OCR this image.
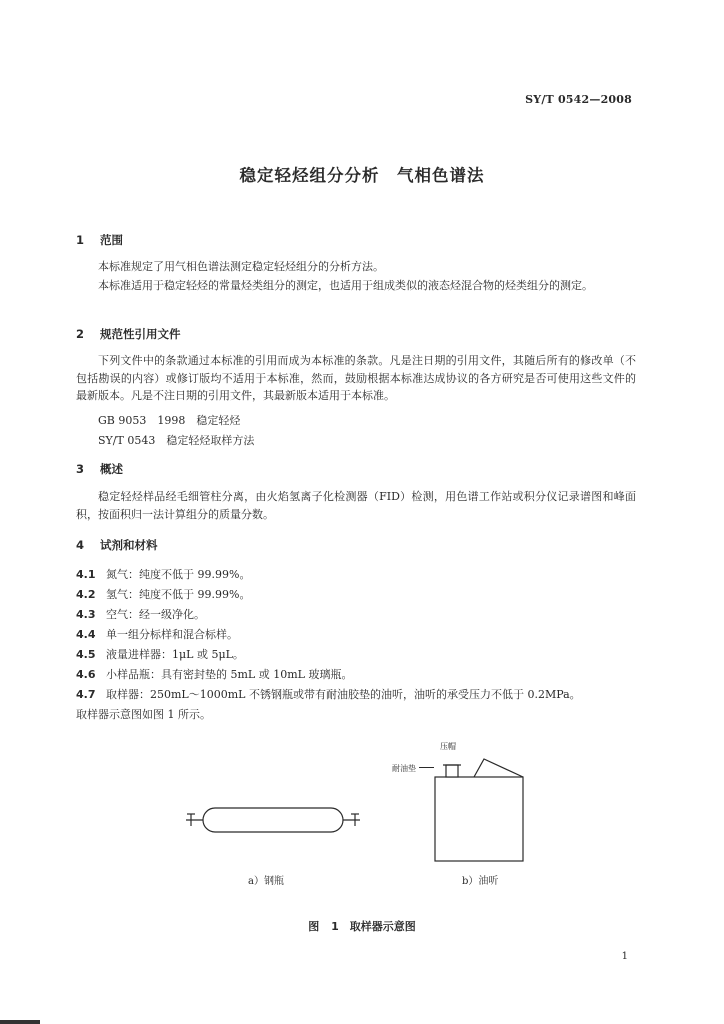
SY/T 0542—2008
稳定轻烃组分分析　气相色谱法
1 范围
本标准规定了用气相色谱法测定稳定轻烃组分的分析方法。
本标准适用于稳定轻烃的常量烃类组分的测定，也适用于组成类似的液态烃混合物的烃类组分的测定。
2 规范性引用文件
下列文件中的条款通过本标准的引用而成为本标准的条款。凡是注日期的引用文件，其随后所有的修改单（不包括勘误的内容）或修订版均不适用于本标准，然而，鼓励根据本标准达成协议的各方研究是否可使用这些文件的最新版本。凡是不注日期的引用文件，其最新版本适用于本标准。
GB 9053　1998　稳定轻烃
SY/T 0543　稳定轻烃取样方法
3 概述
稳定轻烃样品经毛细管柱分离，由火焰氢离子化检测器（FID）检测，用色谱工作站或积分仪记录谱图和峰面积，按面积归一法计算组分的质量分数。
4 试剂和材料
4.1 氮气：纯度不低于 99.99%。
4.2 氢气：纯度不低于 99.99%。
4.3 空气：经一级净化。
4.4 单一组分标样和混合标样。
4.5 液量进样器：1μL 或 5μL。
4.6 小样品瓶：具有密封垫的 5mL 或 10mL 玻璃瓶。
4.7 取样器：250mL～1000mL 不锈钢瓶或带有耐油胶垫的油听，油听的承受压力不低于 0.2MPa。
取样器示意图如图 1 所示。
压帽
耐油垫
a）钢瓶	b）油听
图 1　取样器示意图
1
